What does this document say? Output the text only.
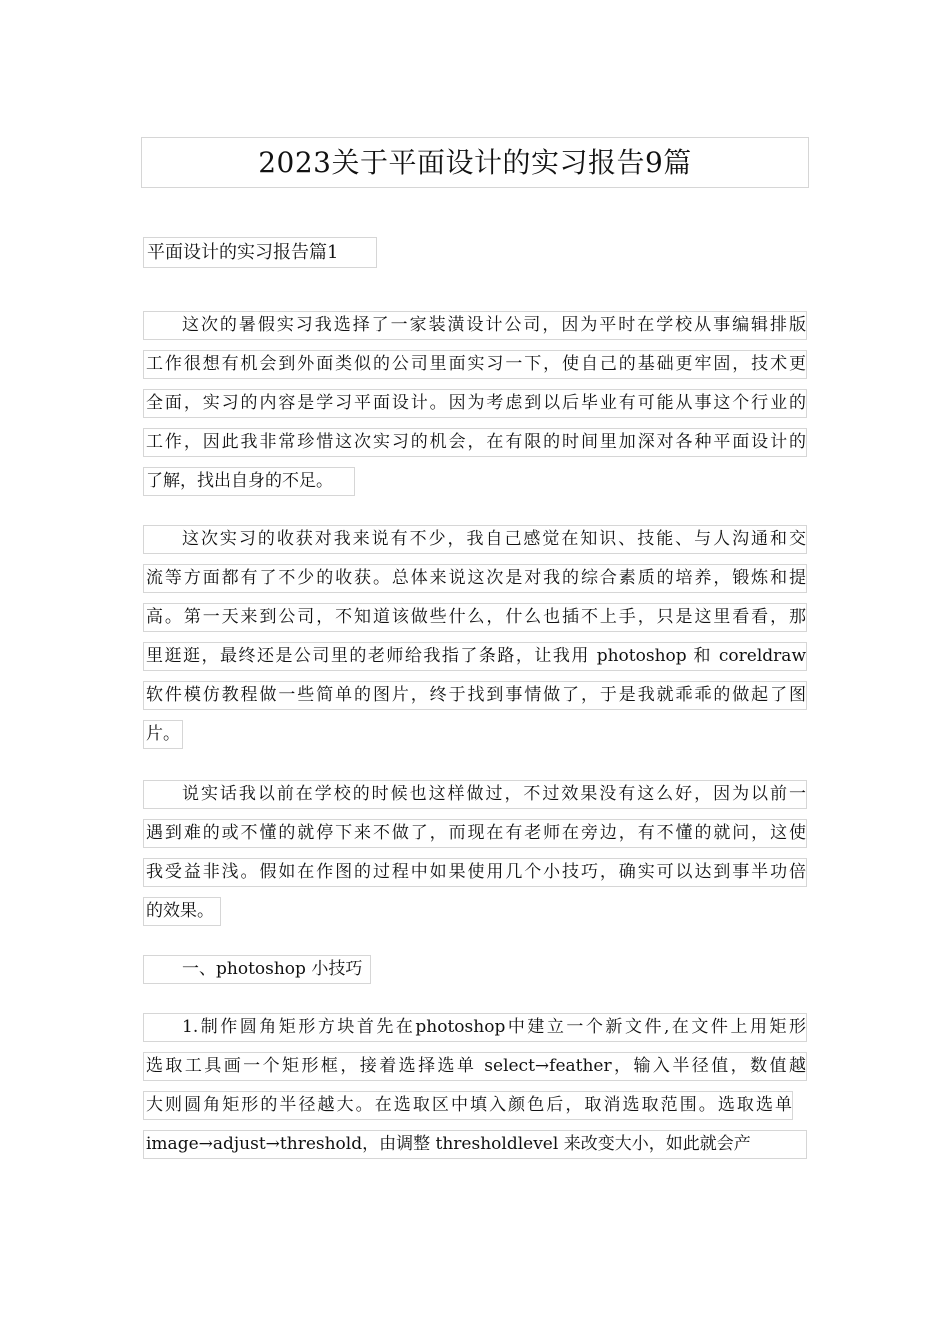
2023关于平面设计的实习报告9篇
平面设计的实习报告篇1
这次的暑假实习我选择了一家装潢设计公司，因为平时在学校从事编辑排版
工作很想有机会到外面类似的公司里面实习一下，使自己的基础更牢固，技术更
全面，实习的内容是学习平面设计。因为考虑到以后毕业有可能从事这个行业的
工作，因此我非常珍惜这次实习的机会，在有限的时间里加深对各种平面设计的
了解，找出自身的不足。
这次实习的收获对我来说有不少，我自己感觉在知识、技能、与人沟通和交
流等方面都有了不少的收获。总体来说这次是对我的综合素质的培养，锻炼和提
高。第一天来到公司，不知道该做些什么，什么也插不上手，只是这里看看，那
里逛逛，最终还是公司里的老师给我指了条路，让我用 photoshop 和 coreldraw
软件模仿教程做一些简单的图片，终于找到事情做了，于是我就乖乖的做起了图
片。
说实话我以前在学校的时候也这样做过，不过效果没有这么好，因为以前一
遇到难的或不懂的就停下来不做了，而现在有老师在旁边，有不懂的就问，这使
我受益非浅。假如在作图的过程中如果使用几个小技巧，确实可以达到事半功倍
的效果。
一、photoshop 小技巧
1.制作圆角矩形方块首先在photoshop中建立一个新文件,在文件上用矩形
选取工具画一个矩形框，接着选择选单 select→feather，输入半径值，数值越
大则圆角矩形的半径越大。在选取区中填入颜色后，取消选取范围。选取选单
image→adjust→threshold，由调整 thresholdlevel 来改变大小，如此就会产
